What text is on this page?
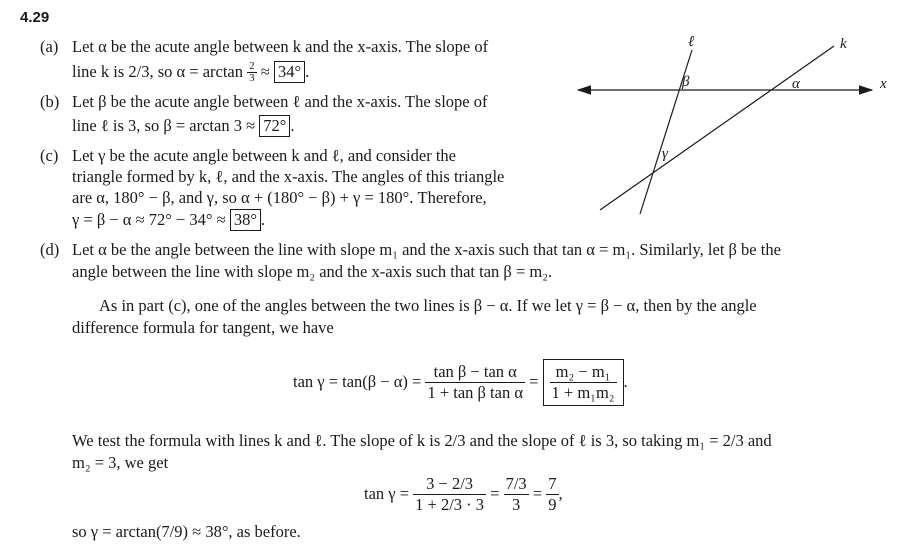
4.29
(a) Let α be the acute angle between k and the x-axis. The slope of
line k is 2/3, so α = arctan
$\frac{2}{3}$
≈
34° .
(b) Let β be the acute angle between ℓ and the x-axis. The slope of
line ℓ is 3, so β = arctan 3 ≈
72° .
(c) Let γ be the acute angle between k and ℓ, and consider the
triangle formed by k, ℓ, and the x-axis. The angles of this triangle
are α, 180° − β, and γ, so α + (180° − β) + γ = 180°. Therefore,
γ = β − α ≈ 72° − 34° ≈
38° .
(d) Let α be the angle between the line with slope m₁ and the x-axis such that tan α = m₁. Similarly, let β be the
angle between the line with slope m₂ and the x-axis such that tan β = m₂.
As in part (c), one of the angles between the two lines is β − α. If we let γ = β − α, then by the angle
difference formula for tangent, we have
tan γ = tan(β − α) =
$\frac{\text{tan β − tan α}}{\text{1 + tan β tan α}}$
=
$\frac{\text{m₂ − m₁}}{\text{1 + m₁m₂}}$ .
We test the formula with lines k and ℓ. The slope of k is 2/3 and the slope of ℓ is 3, so taking m₁ = 2/3 and
m₂ = 3, we get
tan γ =
$\frac{3 - 2/3}{1 + 2/3 \cdot 3}$
=
$\frac{7/3}{3}$
=
$\frac{7}{9}$ ,
so γ = arctan(7/9) ≈ 38°, as before.
ℓ	k
x
β	α
γ
